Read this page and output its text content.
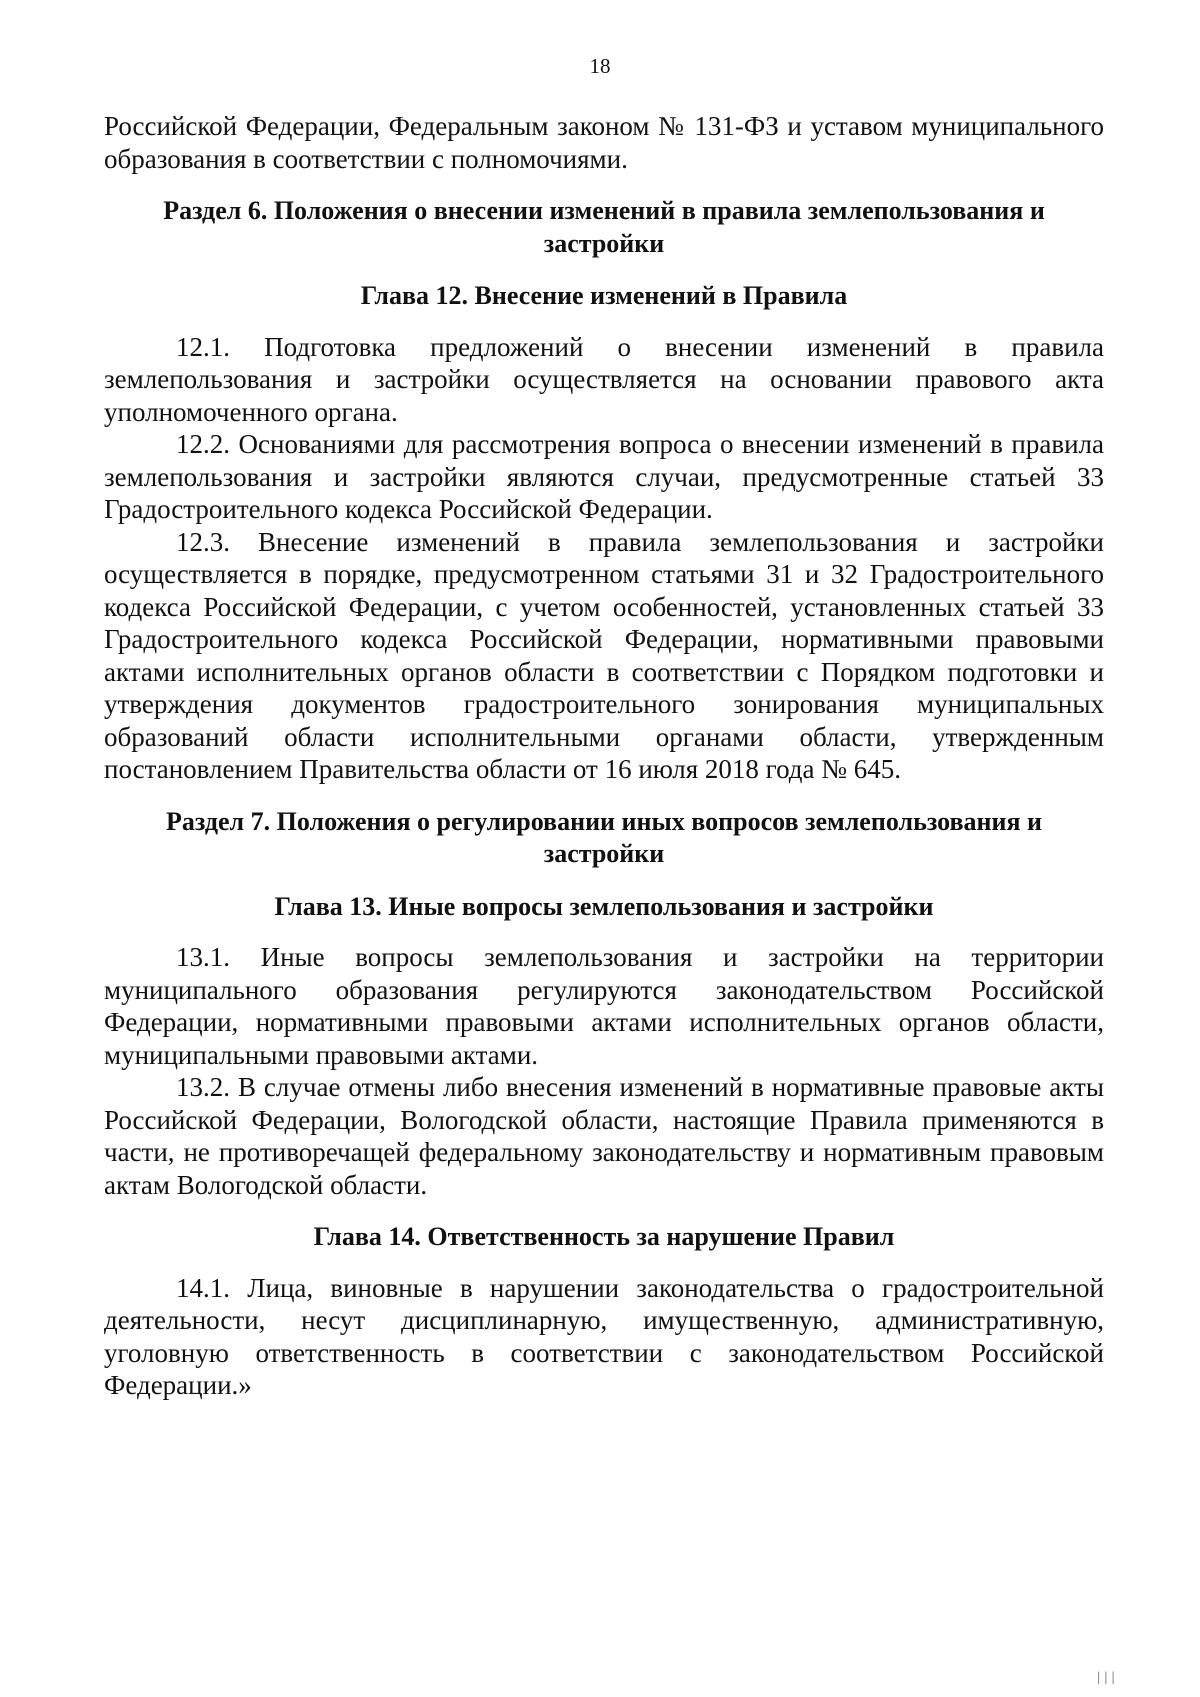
18

Российской Федерации, Федеральным законом № 131-ФЗ и уставом муниципального образования в соответствии с полномочиями.

Раздел 6. Положения о внесении изменений в правила землепользования и застройки

Глава 12. Внесение изменений в Правила

12.1. Подготовка предложений о внесении изменений в правила землепользования и застройки осуществляется на основании правового акта уполномоченного органа.

12.2. Основаниями для рассмотрения вопроса о внесении изменений в правила землепользования и застройки являются случаи, предусмотренные статьей 33 Градостроительного кодекса Российской Федерации.

12.3. Внесение изменений в правила землепользования и застройки осуществляется в порядке, предусмотренном статьями 31 и 32 Градостроительного кодекса Российской Федерации, с учетом особенностей, установленных статьей 33 Градостроительного кодекса Российской Федерации, нормативными правовыми актами исполнительных органов области в соответствии с Порядком подготовки и утверждения документов градостроительного зонирования муниципальных образований области исполнительными органами области, утвержденным постановлением Правительства области от 16 июля 2018 года № 645.

Раздел 7. Положения о регулировании иных вопросов землепользования и застройки

Глава 13. Иные вопросы землепользования и застройки

13.1. Иные вопросы землепользования и застройки на территории муниципального образования регулируются законодательством Российской Федерации, нормативными правовыми актами исполнительных органов области, муниципальными правовыми актами.

13.2. В случае отмены либо внесения изменений в нормативные правовые акты Российской Федерации, Вологодской области, настоящие Правила применяются в части, не противоречащей федеральному законодательству и нормативным правовым актам Вологодской области.

Глава 14. Ответственность за нарушение Правил

14.1. Лица, виновные в нарушении законодательства о градостроительной деятельности, несут дисциплинарную, имущественную, административную, уголовную ответственность в соответствии с законодательством Российской Федерации.»

|||
